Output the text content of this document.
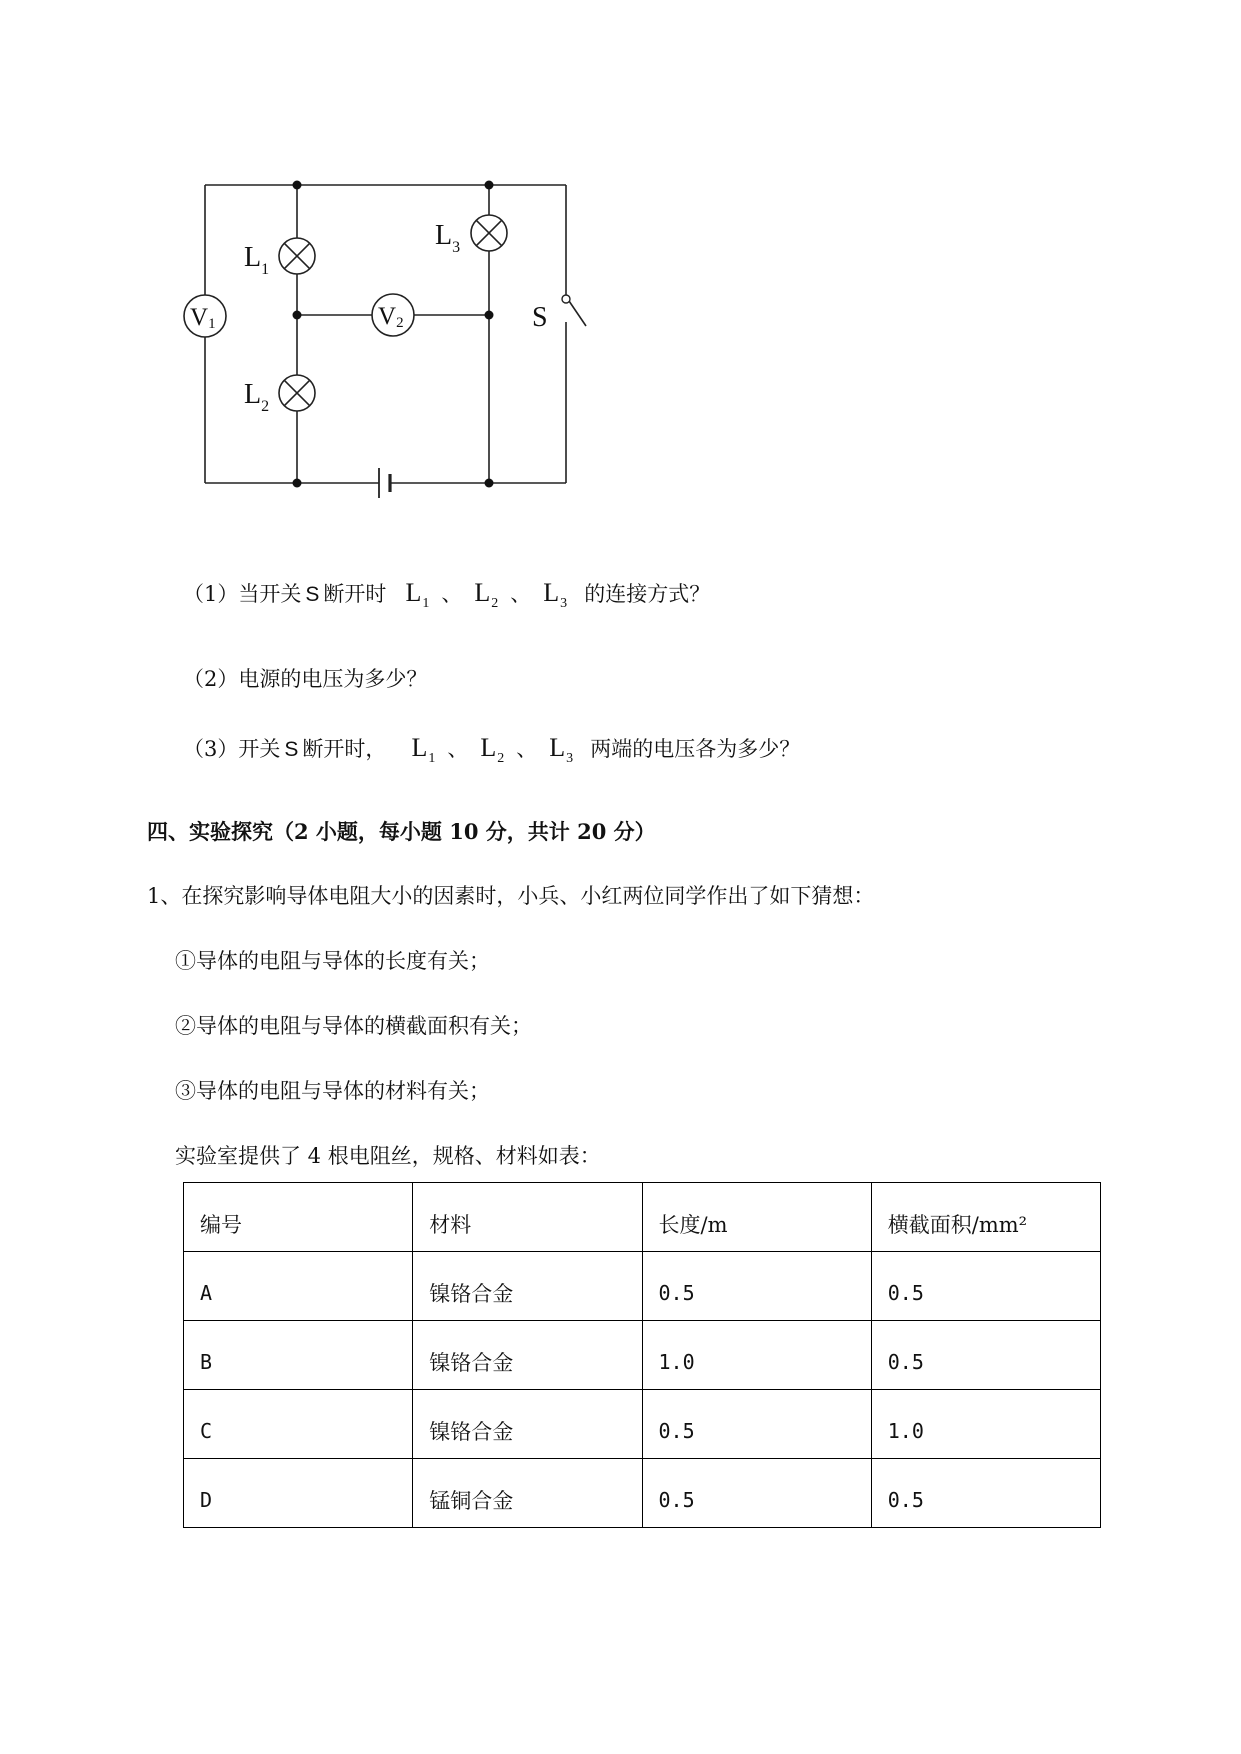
V1	V2
$L_1$
$L_2$
$L_3$
S
（1）当开关 S 断开时 $L_1$ 、 $L_2$ 、 $L_3$ 的连接方式？
（2）电源的电压为多少？
（3）开关 S 断开时， $L_1$ 、 $L_2$ 、 $L_3$ 两端的电压各为多少？
四、实验探究（2 小题，每小题 10 分，共计 20 分）
1、在探究影响导体电阻大小的因素时，小兵、小红两位同学作出了如下猜想：
①导体的电阻与导体的长度有关；
②导体的电阻与导体的横截面积有关；
③导体的电阻与导体的材料有关；
实验室提供了 4 根电阻丝，规格、材料如表：
编号	材料	长度/m	横截面积/mm²
A	镍铬合金	0.5	0.5
B	镍铬合金	1.0	0.5
C	镍铬合金	0.5	1.0
D	锰铜合金	0.5	0.5
